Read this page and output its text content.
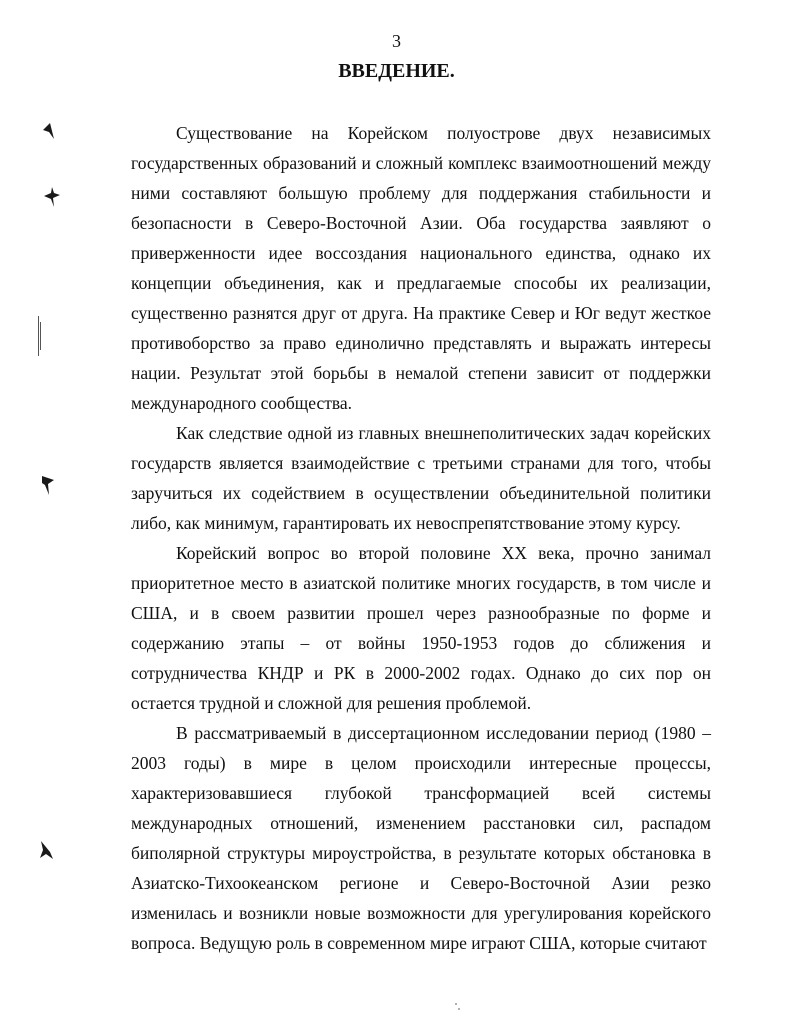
3
ВВЕДЕНИЕ.

Существование на Корейском полуострове двух независимых государственных образований и сложный комплекс взаимоотношений между ними составляют большую проблему для поддержания стабильности и безопасности в Северо-Восточной Азии. Оба государства заявляют о приверженности идее воссоздания национального единства, однако их концепции объединения, как и предлагаемые способы их реализации, существенно разнятся друг от друга. На практике Север и Юг ведут жесткое противоборство за право единолично представлять и выражать интересы нации. Результат этой борьбы в немалой степени зависит от поддержки международного сообщества.

Как следствие одной из главных внешнеполитических задач корейских государств является взаимодействие с третьими странами для того, чтобы заручиться их содействием в осуществлении объединительной политики либо, как минимум, гарантировать их невоспрепятствование этому курсу.

Корейский вопрос во второй половине XX века, прочно занимал приоритетное место в азиатской политике многих государств, в том числе и США, и в своем развитии прошел через разнообразные по форме и содержанию этапы – от войны 1950-1953 годов до сближения и сотрудничества КНДР и РК в 2000-2002 годах. Однако до сих пор он остается трудной и сложной для решения проблемой.

В рассматриваемый в диссертационном исследовании период (1980 – 2003 годы) в мире в целом происходили интересные процессы, характеризовавшиеся глубокой трансформацией всей системы международных отношений, изменением расстановки сил, распадом биполярной структуры мироустройства, в результате которых обстановка в Азиатско-Тихоокеанском регионе и Северо-Восточной Азии резко изменилась и возникли новые возможности для урегулирования корейского вопроса. Ведущую роль в современном мире играют США, которые считают
